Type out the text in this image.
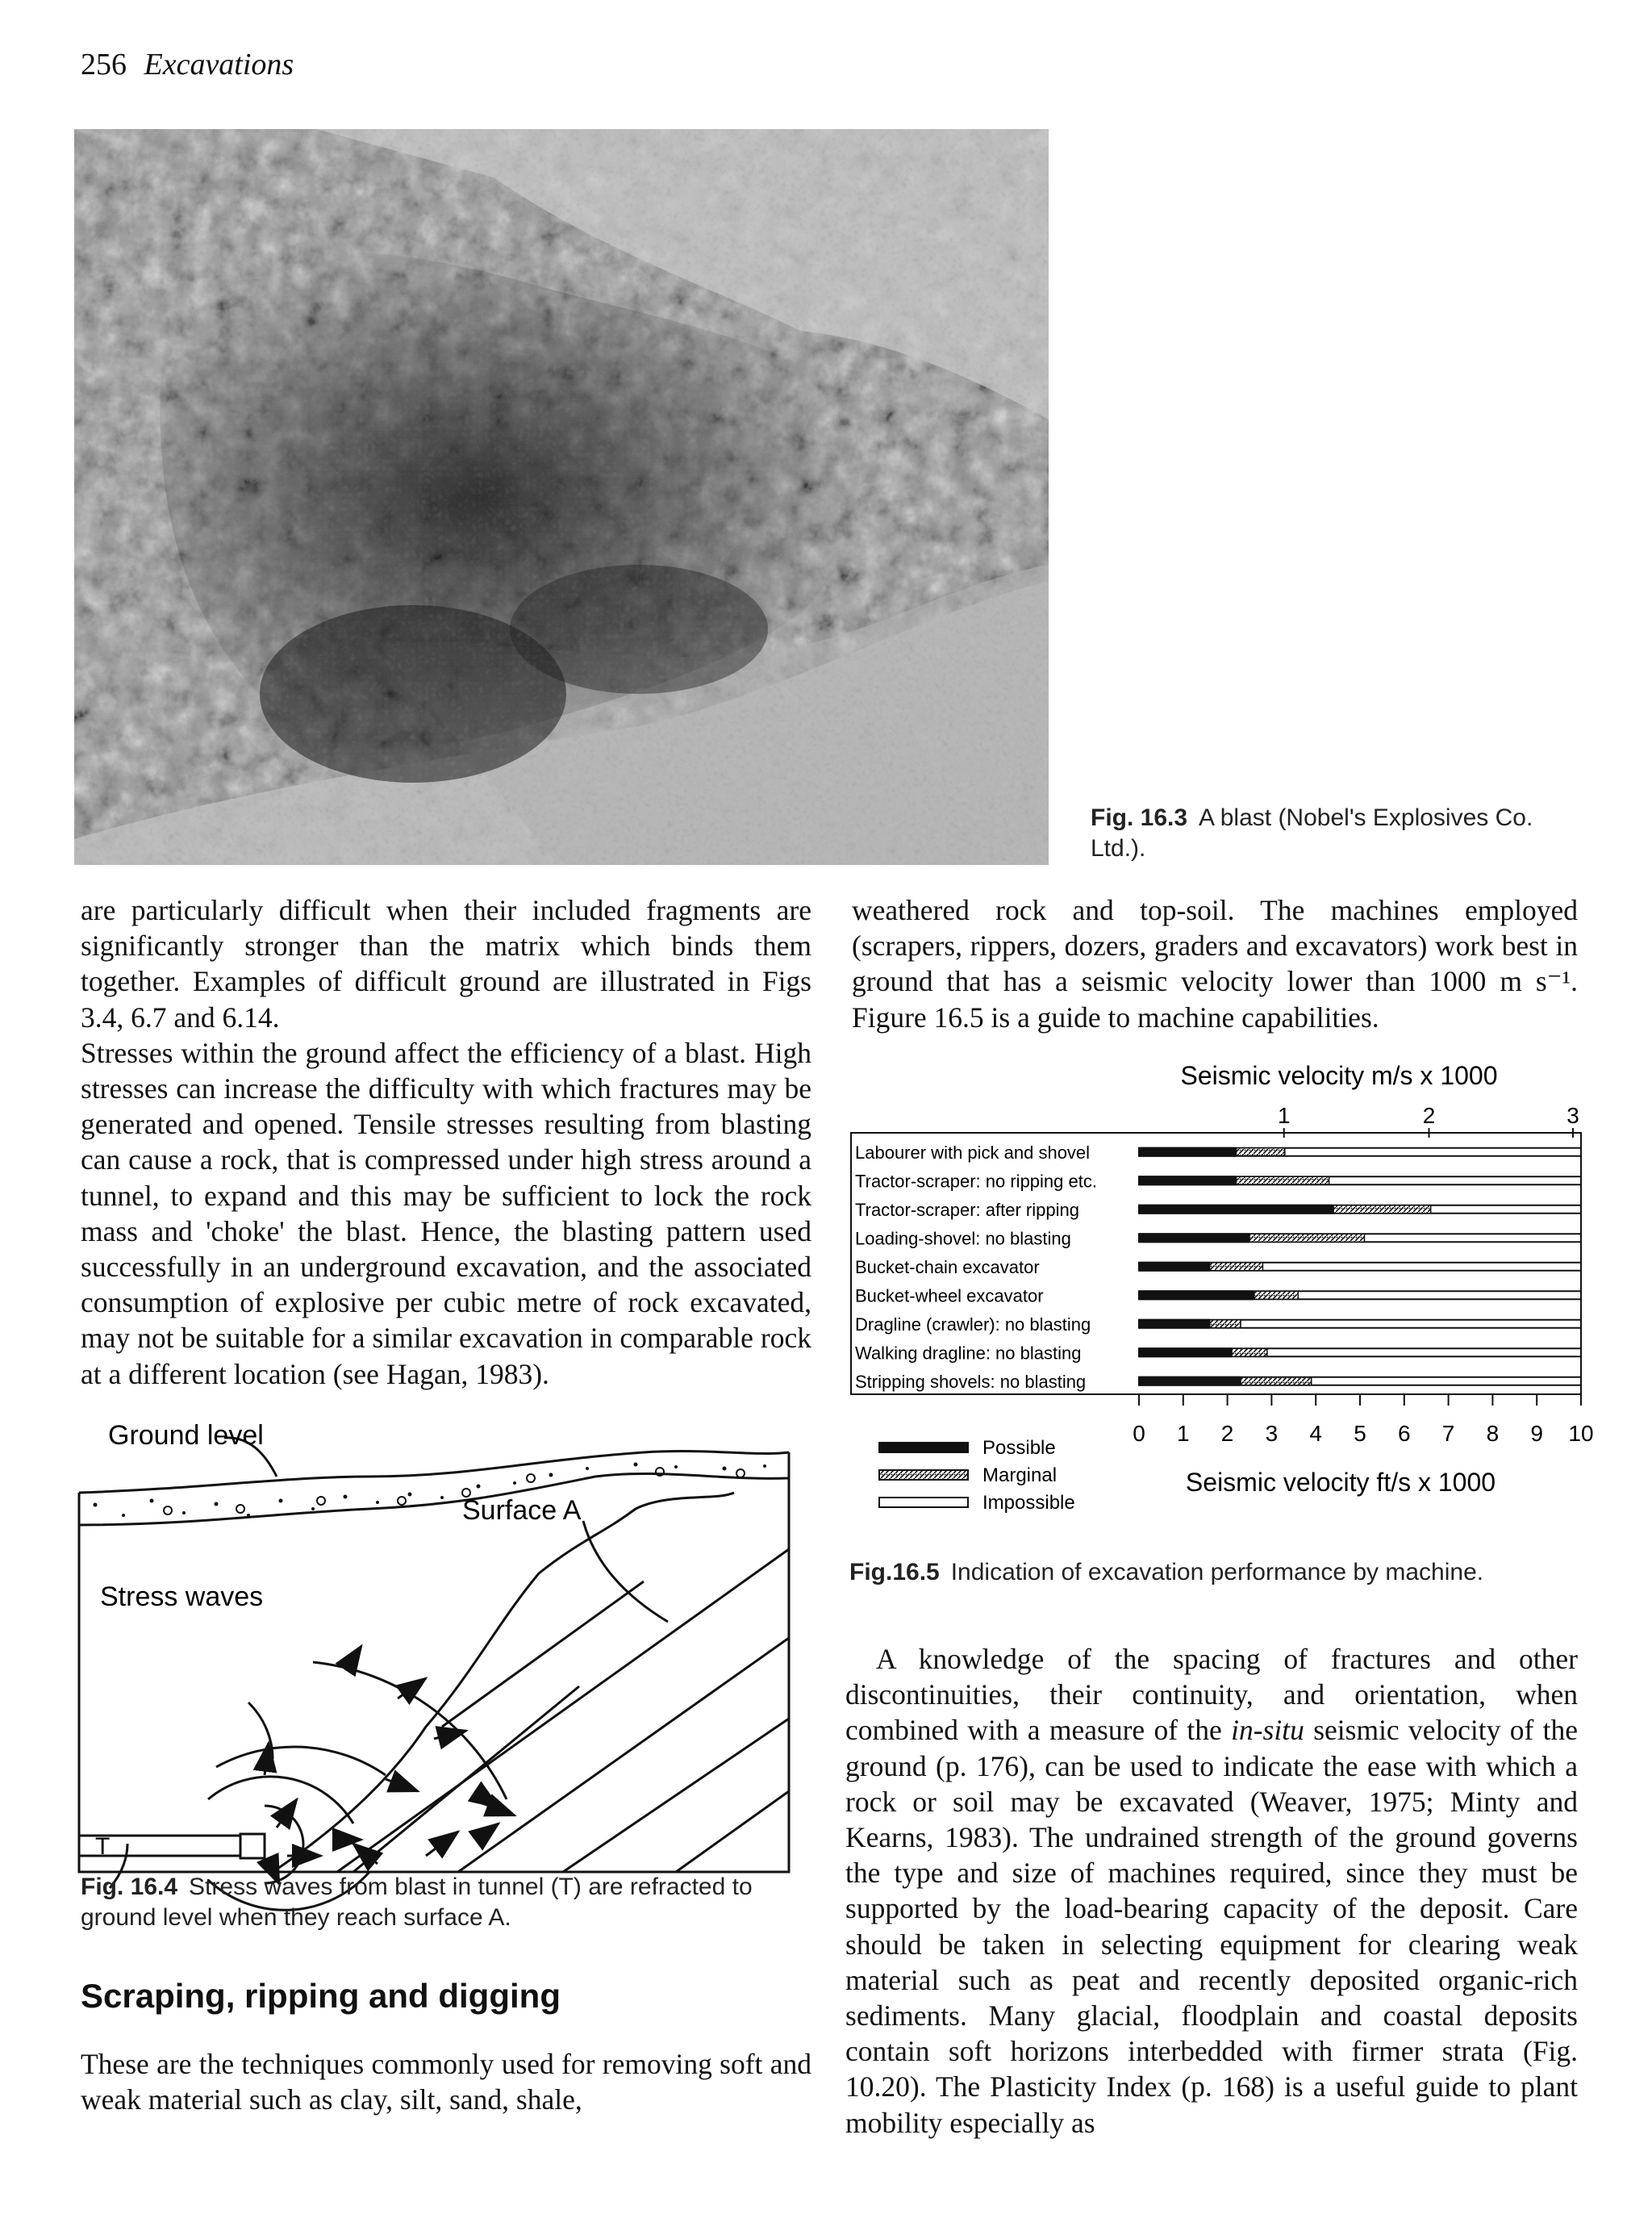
256 Excavations
Fig. 16.3 A blast (Nobel's Explosives Co. Ltd.).

are particularly difficult when their included fragments are significantly stronger than the matrix which binds them together. Examples of difficult ground are illustrated in Figs 3.4, 6.7 and 6.14.

Stresses within the ground affect the efficiency of a blast. High stresses can increase the difficulty with which fractures may be generated and opened. Tensile stresses resulting from blasting can cause a rock, that is compressed under high stress around a tunnel, to expand and this may be sufficient to lock the rock mass and 'choke' the blast. Hence, the blasting pattern used successfully in an underground excavation, and the associated consumption of explosive per cubic metre of rock excavated, may not be suitable for a similar excavation in comparable rock at a different location (see Hagan, 1983).

Ground level
Surface A
Stress waves
T
Fig. 16.4 Stress waves from blast in tunnel (T) are refracted to ground level when they reach surface A.
Scraping, ripping and digging

These are the techniques commonly used for removing soft and weak material such as clay, silt, sand, shale,

weathered rock and top-soil. The machines employed (scrapers, rippers, dozers, graders and excavators) work best in ground that has a seismic velocity lower than 1000 m s⁻¹. Figure 16.5 is a guide to machine capabilities.

Seismic velocity m/s x 1000
1	2	3
Labourer with pick and shovel
Tractor-scraper: no ripping etc.
Tractor-scraper: after ripping
Loading-shovel: no blasting
Bucket-chain excavator
Bucket-wheel excavator
Dragline (crawler): no blasting
Walking dragline: no blasting
Stripping shovels: no blasting
0 1 2 3 4 5 6 7 8 9 10
Possible
Marginal
Impossible
Seismic velocity ft/s x 1000
Fig.16.5 Indication of excavation performance by machine.

A knowledge of the spacing of fractures and other discontinuities, their continuity, and orientation, when combined with a measure of the in-situ seismic velocity of the ground (p. 176), can be used to indicate the ease with which a rock or soil may be excavated (Weaver, 1975; Minty and Kearns, 1983). The undrained strength of the ground governs the type and size of machines required, since they must be supported by the load-bearing capacity of the deposit. Care should be taken in selecting equipment for clearing weak material such as peat and recently deposited organic-rich sediments. Many glacial, floodplain and coastal deposits contain soft horizons interbedded with firmer strata (Fig. 10.20). The Plasticity Index (p. 168) is a useful guide to plant mobility especially as
